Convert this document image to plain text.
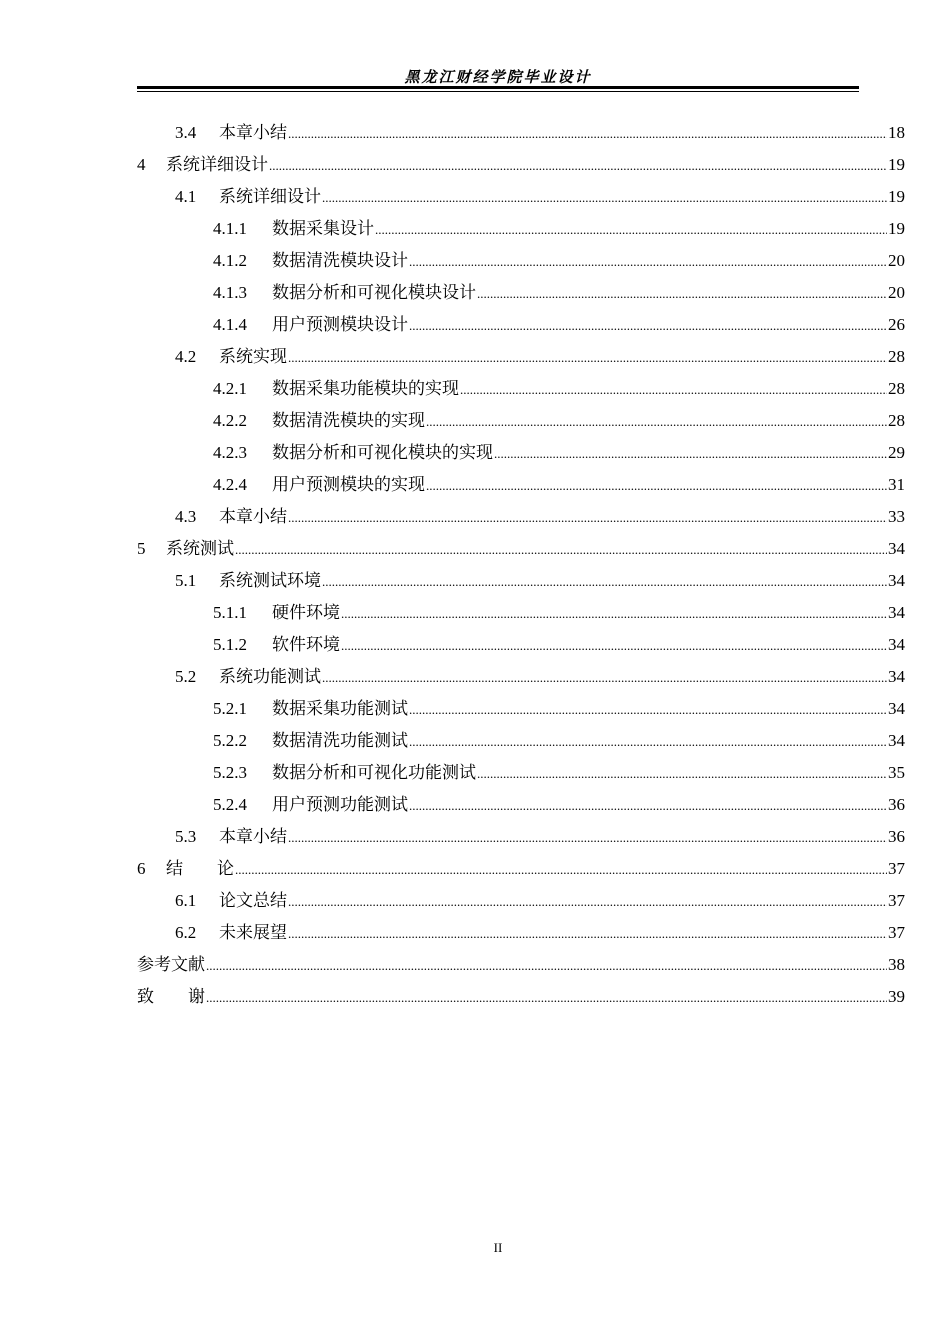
黑龙江财经学院毕业设计
3.4	本章小结 .....	18
4	系统详细设计 .....	19
4.1	系统详细设计 .....	19
4.1.1	数据采集设计 .....	19
4.1.2	数据清洗模块设计 .....	20
4.1.3	数据分析和可视化模块设计 .....	20
4.1.4	用户预测模块设计 .....	26
4.2	系统实现 .....	28
4.2.1	数据采集功能模块的实现 .....	28
4.2.2	数据清洗模块的实现 .....	28
4.2.3	数据分析和可视化模块的实现 .....	29
4.2.4	用户预测模块的实现 .....	31
4.3	本章小结 .....	33
5	系统测试 .....	34
5.1	系统测试环境 .....	34
5.1.1	硬件环境 .....	34
5.1.2	软件环境 .....	34
5.2	系统功能测试 .....	34
5.2.1	数据采集功能测试 .....	34
5.2.2	数据清洗功能测试 .....	34
5.2.3	数据分析和可视化功能测试 .....	35
5.2.4	用户预测功能测试 .....	36
5.3	本章小结 .....	36
6	结　　论 .....	37
6.1	论文总结 .....	37
6.2	未来展望 .....	37
参考文献 .....	38
致　　谢 .....	39
II
